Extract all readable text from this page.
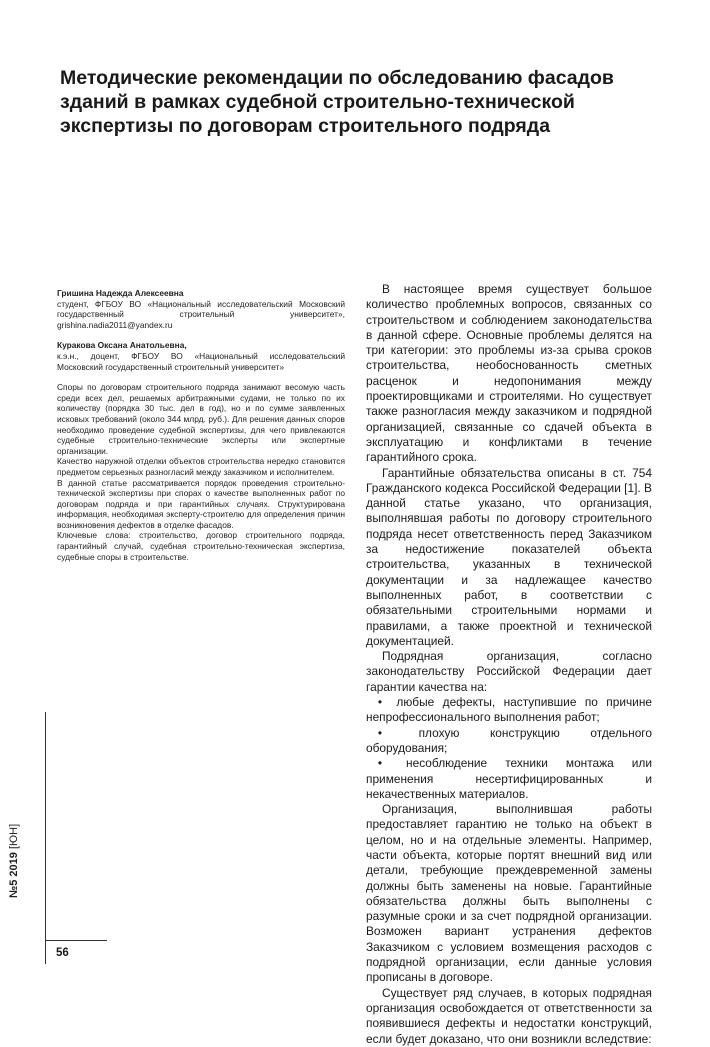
Методические рекомендации по обследованию фасадов
зданий в рамках судебной строительно-технической
экспертизы по договорам строительного подряда

Гришина Надежда Алексеевна

студент, ФГБОУ ВО «Национальный исследовательский Московский государственный строительный университет», grishina.nadia2011@yandex.ru

Куракова Оксана Анатольевна,

к.э.н., доцент, ФГБОУ ВО «Национальный исследовательский Московский государственный строительный университет»

Споры по договорам строительного подряда занимают весомую часть среди всех дел, решаемых арбитражными судами, не только по их количеству (порядка 30 тыс. дел в год), но и по сумме заявленных исковых требований (около 344 млрд. руб.). Для решения данных споров необходимо проведение судебной экспертизы, для чего привлекаются судебные строительно-технические эксперты или экспертные организации.

Качество наружной отделки объектов строительства нередко становится предметом серьезных разногласий между заказчиком и исполнителем.

В данной статье рассматривается порядок проведения строительно-технической экспертизы при спорах о качестве выполненных работ по договорам подряда и при гарантийных случаях. Структурирована информация, необходимая эксперту-строителю для определения причин возникновения дефектов в отделке фасадов.

Ключевые слова: строительство, договор строительного подряда, гарантийный случай, судебная строительно-техническая экспертиза, судебные споры в строительстве.

В настоящее время существует большое количество проблемных вопросов, связанных со строительством и соблюдением законодательства в данной сфере. Основные проблемы делятся на три категории: это проблемы из-за срыва сроков строительства, необоснованность сметных расценок и недопонимания между проектировщиками и строителями. Но существует также разногласия между заказчиком и подрядной организацией, связанные со сдачей объекта в эксплуатацию и конфликтами в течение гарантийного срока.

Гарантийные обязательства описаны в ст. 754 Гражданского кодекса Российской Федерации [1]. В данной статье указано, что организация, выполнявшая работы по договору строительного подряда несет ответственность перед Заказчиком за недостижение показателей объекта строительства, указанных в технической документации и за надлежащее качество выполненных работ, в соответствии с обязательными строительными нормами и правилами, а также проектной и технической документацией.

Подрядная организация, согласно законодательству Российской Федерации дает гарантии качества на:

• любые дефекты, наступившие по причине непрофессионального выполнения работ;

•	плохую конструкцию отдельного оборудования;

• несоблюдение техники монтажа или применения несертифицированных и некачественных материалов.

Организация, выполнившая работы предоставляет гарантию не только на объект в целом, но и на отдельные элементы. Например, части объекта, которые портят внешний вид или детали, требующие преждевременной замены должны быть заменены на новые. Гарантийные обязательства должны быть выполнены с разумные сроки и за счет подрядной организации. Возможен вариант устранения дефектов Заказчиком с условием возмещения расходов с подрядной организации, если данные условия прописаны в договоре.

Существует ряд случаев, в которых подрядная организация освобождается от ответственности за появившиеся дефекты и недостатки конструкций, если будет доказано, что они возникли вследствие:

№5 2019 [ЮН]
56
